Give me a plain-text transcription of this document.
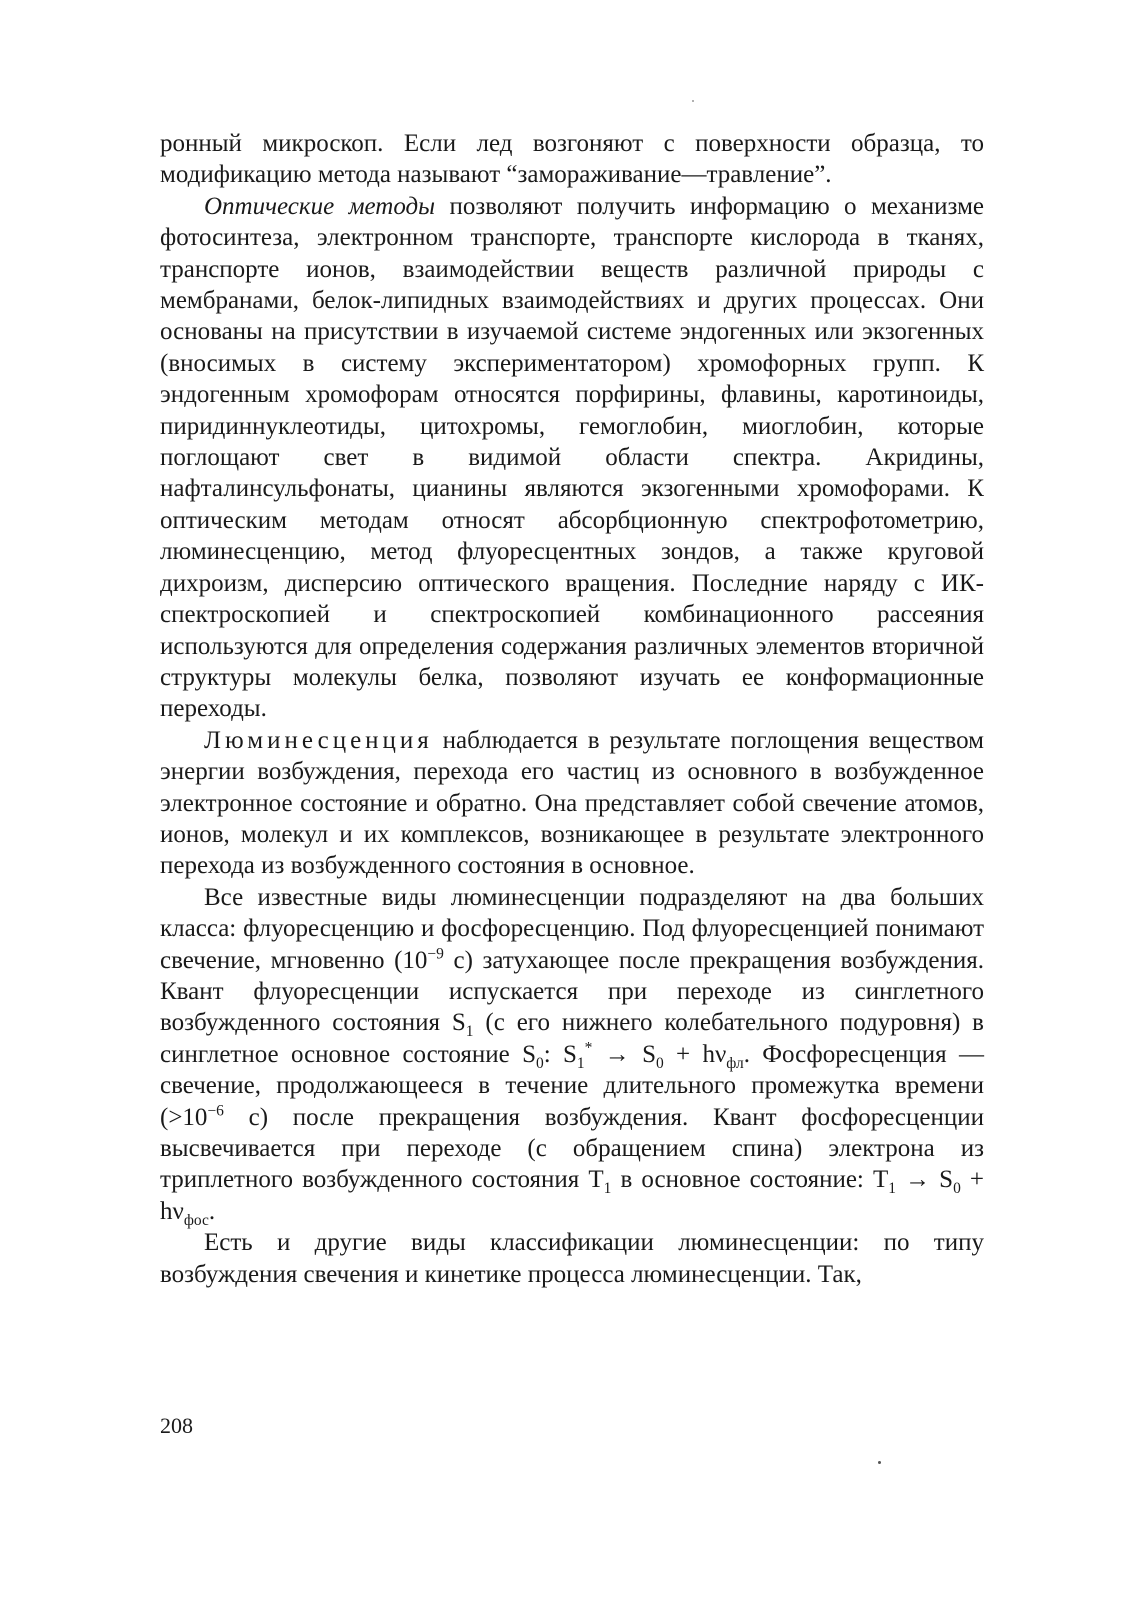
ронный микроскоп. Если лед возгоняют с поверхности образца, то модификацию метода называют “замораживание—травление”.

Оптические методы позволяют получить информацию о механизме фотосинтеза, электронном транспорте, транспорте кислорода в тканях, транспорте ионов, взаимодействии веществ различной природы с мембранами, белок-липидных взаимодействиях и других процессах. Они основаны на присутствии в изучаемой системе эндогенных или экзогенных (вносимых в систему экспериментатором) хромофорных групп. К эндогенным хромофорам относятся порфирины, флавины, каротиноиды, пиридиннуклеотиды, цитохромы, гемоглобин, миоглобин, которые поглощают свет в видимой области спектра. Акридины, нафталинсульфонаты, цианины являются экзогенными хромофорами. К оптическим методам относят абсорбционную спектрофотометрию, люминесценцию, метод флуоресцентных зондов, а также круговой дихроизм, дисперсию оптического вращения. Последние наряду с ИК-спектроскопией и спектроскопией комбинационного рассеяния используются для определения содержания различных элементов вторичной структуры молекулы белка, позволяют изучать ее конформационные переходы.

Люминесценция наблюдается в результате поглощения веществом энергии возбуждения, перехода его частиц из основного в возбужденное электронное состояние и обратно. Она представляет собой свечение атомов, ионов, молекул и их комплексов, возникающее в результате электронного перехода из возбужденного состояния в основное.

Все известные виды люминесценции подразделяют на два больших класса: флуоресценцию и фосфоресценцию. Под флуоресценцией понимают свечение, мгновенно ($10^{-9}$ с) затухающее после прекращения возбуждения. Квант флуоресценции испускается при переходе из синглетного возбужденного состояния $S_1$ (с его нижнего колебательного подуровня) в синглетное основное состояние $S_0$: $S_1^* \to S_0 + h\nu_{фл}$. Фосфоресценция — свечение, продолжающееся в течение длительного промежутка времени ($>10^{-6}$ с) после прекращения возбуждения. Квант фосфоресценции высвечивается при переходе (с обращением спина) электрона из триплетного возбужденного состояния $T_1$ в основное состояние: $T_1 \to S_0 + h\nu_{фос}$.

Есть и другие виды классификации люминесценции: по типу возбуждения свечения и кинетике процесса люминесценции. Так,

208
